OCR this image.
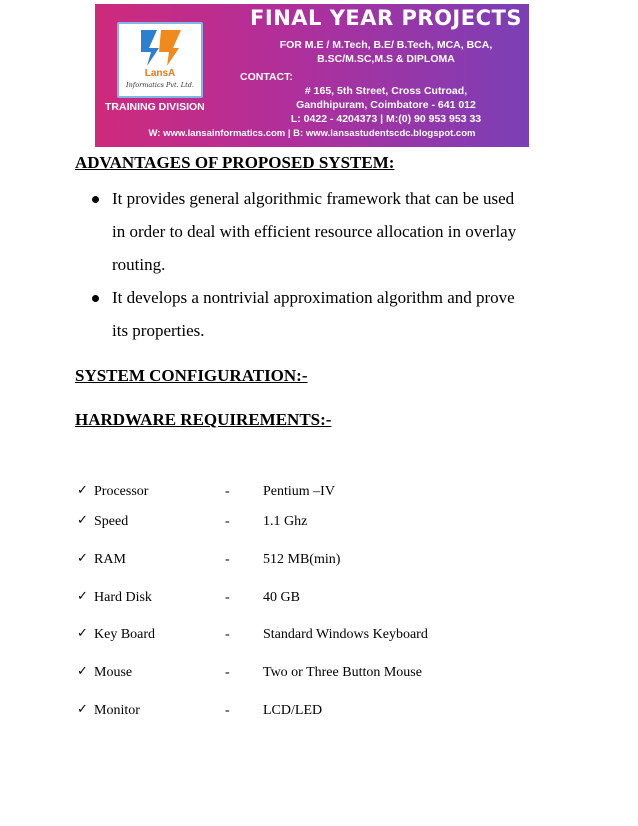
LansA
Informatics Pvt. Ltd.
TRAINING DIVISION
FINAL YEAR PROJECTS
FOR M.E / M.Tech, B.E/ B.Tech, MCA, BCA,
B.SC/M.SC,M.S & DIPLOMA
CONTACT:
# 165, 5th Street, Cross Cutroad,
Gandhipuram, Coimbatore - 641 012
L: 0422 - 4204373 | M:(0) 90 953 953 33
W: www.lansainformatics.com | B: www.lansastudentscdc.blogspot.com
ADVANTAGES OF PROPOSED SYSTEM:
It provides general algorithmic framework that can be used
in order to deal with efficient resource allocation in overlay
routing.
It develops a nontrivial approximation algorithm and prove
its properties.
SYSTEM CONFIGURATION:-
HARDWARE REQUIREMENTS:-
✓ Processor	- Pentium –IV
✓ Speed	- 1.1 Ghz
✓ RAM	- 512 MB(min)
✓ Hard Disk	- 40 GB
✓ Key Board	- Standard Windows Keyboard
✓ Mouse	- Two or Three Button Mouse
✓ Monitor	- LCD/LED
